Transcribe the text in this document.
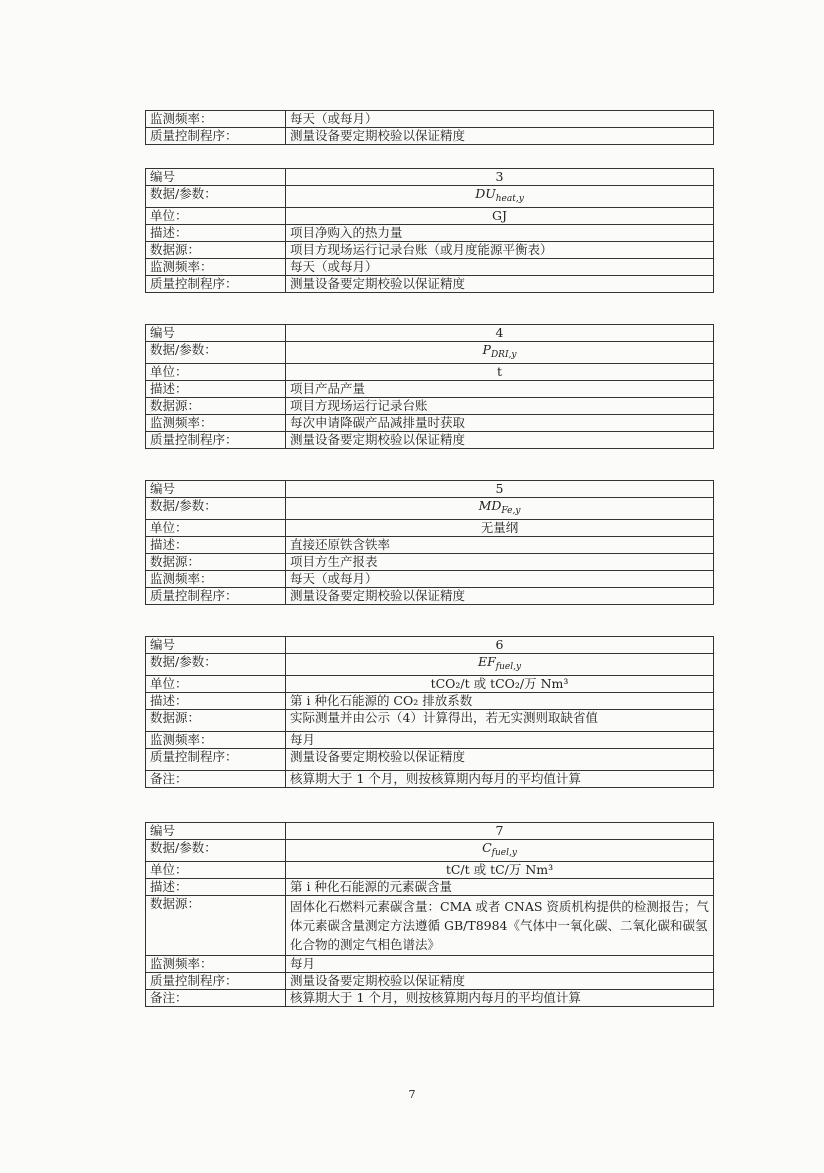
监测频率：	每天（或每月）
质量控制程序：	测量设备要定期校验以保证精度
编号	3
数据/参数：	$DU_{heat,y}$
单位：	GJ
描述：	项目净购入的热力量
数据源：	项目方现场运行记录台账（或月度能源平衡表）
监测频率：	每天（或每月）
质量控制程序：	测量设备要定期校验以保证精度
编号	4
数据/参数：	$P_{DRI,y}$
单位：	t
描述：	项目产品产量
数据源：	项目方现场运行记录台账
监测频率：	每次申请降碳产品减排量时获取
质量控制程序：	测量设备要定期校验以保证精度
编号	5
数据/参数：	$MD_{Fe,y}$
单位：	无量纲
描述：	直接还原铁含铁率
数据源：	项目方生产报表
监测频率：	每天（或每月）
质量控制程序：	测量设备要定期校验以保证精度
编号	6
数据/参数：	$EF_{fuel,y}$
单位：	tCO₂/t 或 tCO₂/万 Nm³
描述：	第 i 种化石能源的 CO₂ 排放系数
数据源：	实际测量并由公示（4）计算得出，若无实测则取缺省值
监测频率：	每月
质量控制程序：	测量设备要定期校验以保证精度
备注：	核算期大于 1 个月，则按核算期内每月的平均值计算
编号	7
数据/参数：	$C_{fuel,y}$
单位：	tC/t 或 tC/万 Nm³
描述：	第 i 种化石能源的元素碳含量
数据源：	固体化石燃料元素碳含量：CMA 或者 CNAS 资质机构提供的检测报告；气体元素碳含量测定方法遵循 GB/T8984《气体中一氧化碳、二氧化碳和碳氢化合物的测定气相色谱法》
监测频率：	每月
质量控制程序：	测量设备要定期校验以保证精度
备注：	核算期大于 1 个月，则按核算期内每月的平均值计算
7
